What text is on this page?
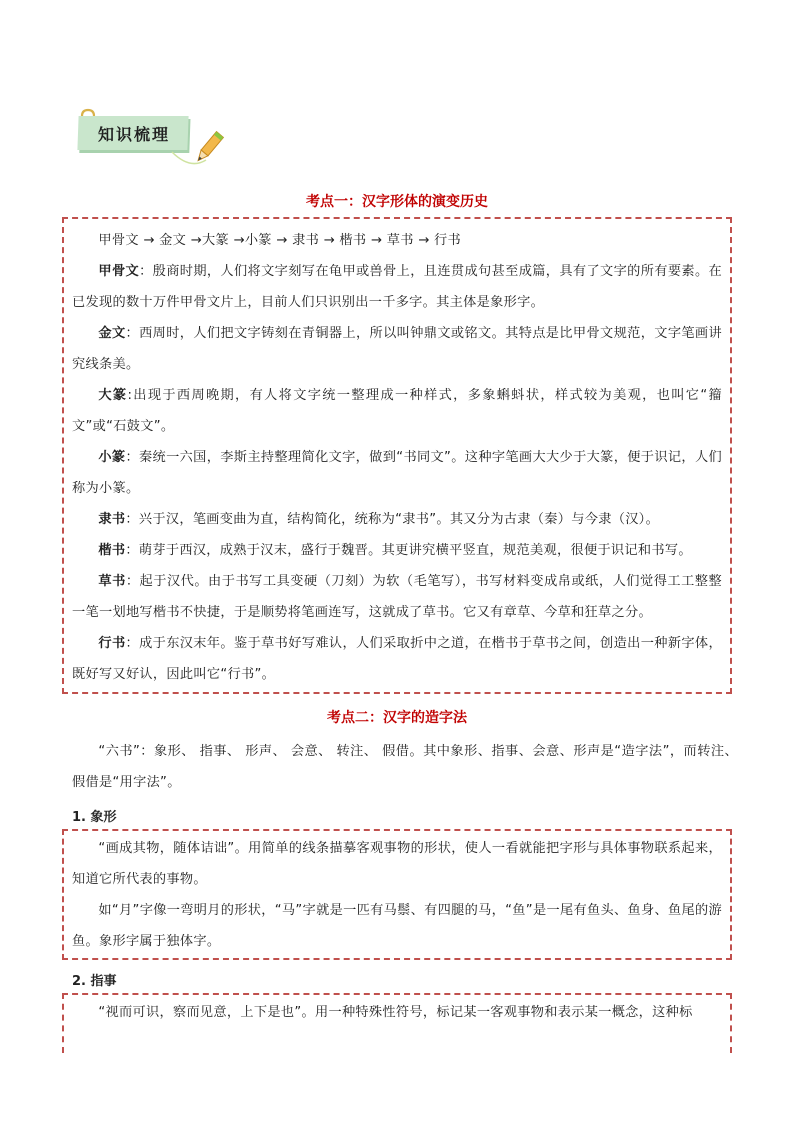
知识梳理
考点一：汉字形体的演变历史

甲骨文 → 金文 →大篆 →小篆 → 隶书 → 楷书 → 草书 → 行书

甲骨文：殷商时期，人们将文字刻写在龟甲或兽骨上，且连贯成句甚至成篇，具有了文字的所有要素。在已发现的数十万件甲骨文片上，目前人们只识别出一千多字。其主体是象形字。

金文：西周时，人们把文字铸刻在青铜器上，所以叫钟鼎文或铭文。其特点是比甲骨文规范，文字笔画讲究线条美。

大篆:出现于西周晚期，有人将文字统一整理成一种样式，多象蝌蚪状，样式较为美观，也叫它“籀文”或“石鼓文”。

小篆：秦统一六国，李斯主持整理简化文字，做到“书同文”。这种字笔画大大少于大篆，便于识记，人们称为小篆。

隶书：兴于汉，笔画变曲为直，结构简化，统称为“隶书”。其又分为古隶（秦）与今隶（汉）。

楷书：萌芽于西汉，成熟于汉末，盛行于魏晋。其更讲究横平竖直，规范美观，很便于识记和书写。

草书：起于汉代。由于书写工具变硬（刀刻）为软（毛笔写），书写材料变成帛或纸，人们觉得工工整整一笔一划地写楷书不快捷，于是顺势将笔画连写，这就成了草书。它又有章草、今草和狂草之分。

行书：成于东汉末年。鉴于草书好写难认，人们采取折中之道，在楷书于草书之间，创造出一种新字体，既好写又好认，因此叫它“行书”。

考点二：汉字的造字法

“六书”：象形、 指事、 形声、 会意、 转注、 假借。其中象形、指事、会意、形声是“造字法”，而转注、假借是“用字法”。

1. 象形

“画成其物，随体诘诎”。用简单的线条描摹客观事物的形状，使人一看就能把字形与具体事物联系起来，知道它所代表的事物。

如“月”字像一弯明月的形状，“马”字就是一匹有马鬃、有四腿的马，“鱼”是一尾有鱼头、鱼身、鱼尾的游鱼。象形字属于独体字。

2. 指事

“视而可识，察而见意，上下是也”。用一种特殊性符号，标记某一客观事物和表示某一概念，这种标
